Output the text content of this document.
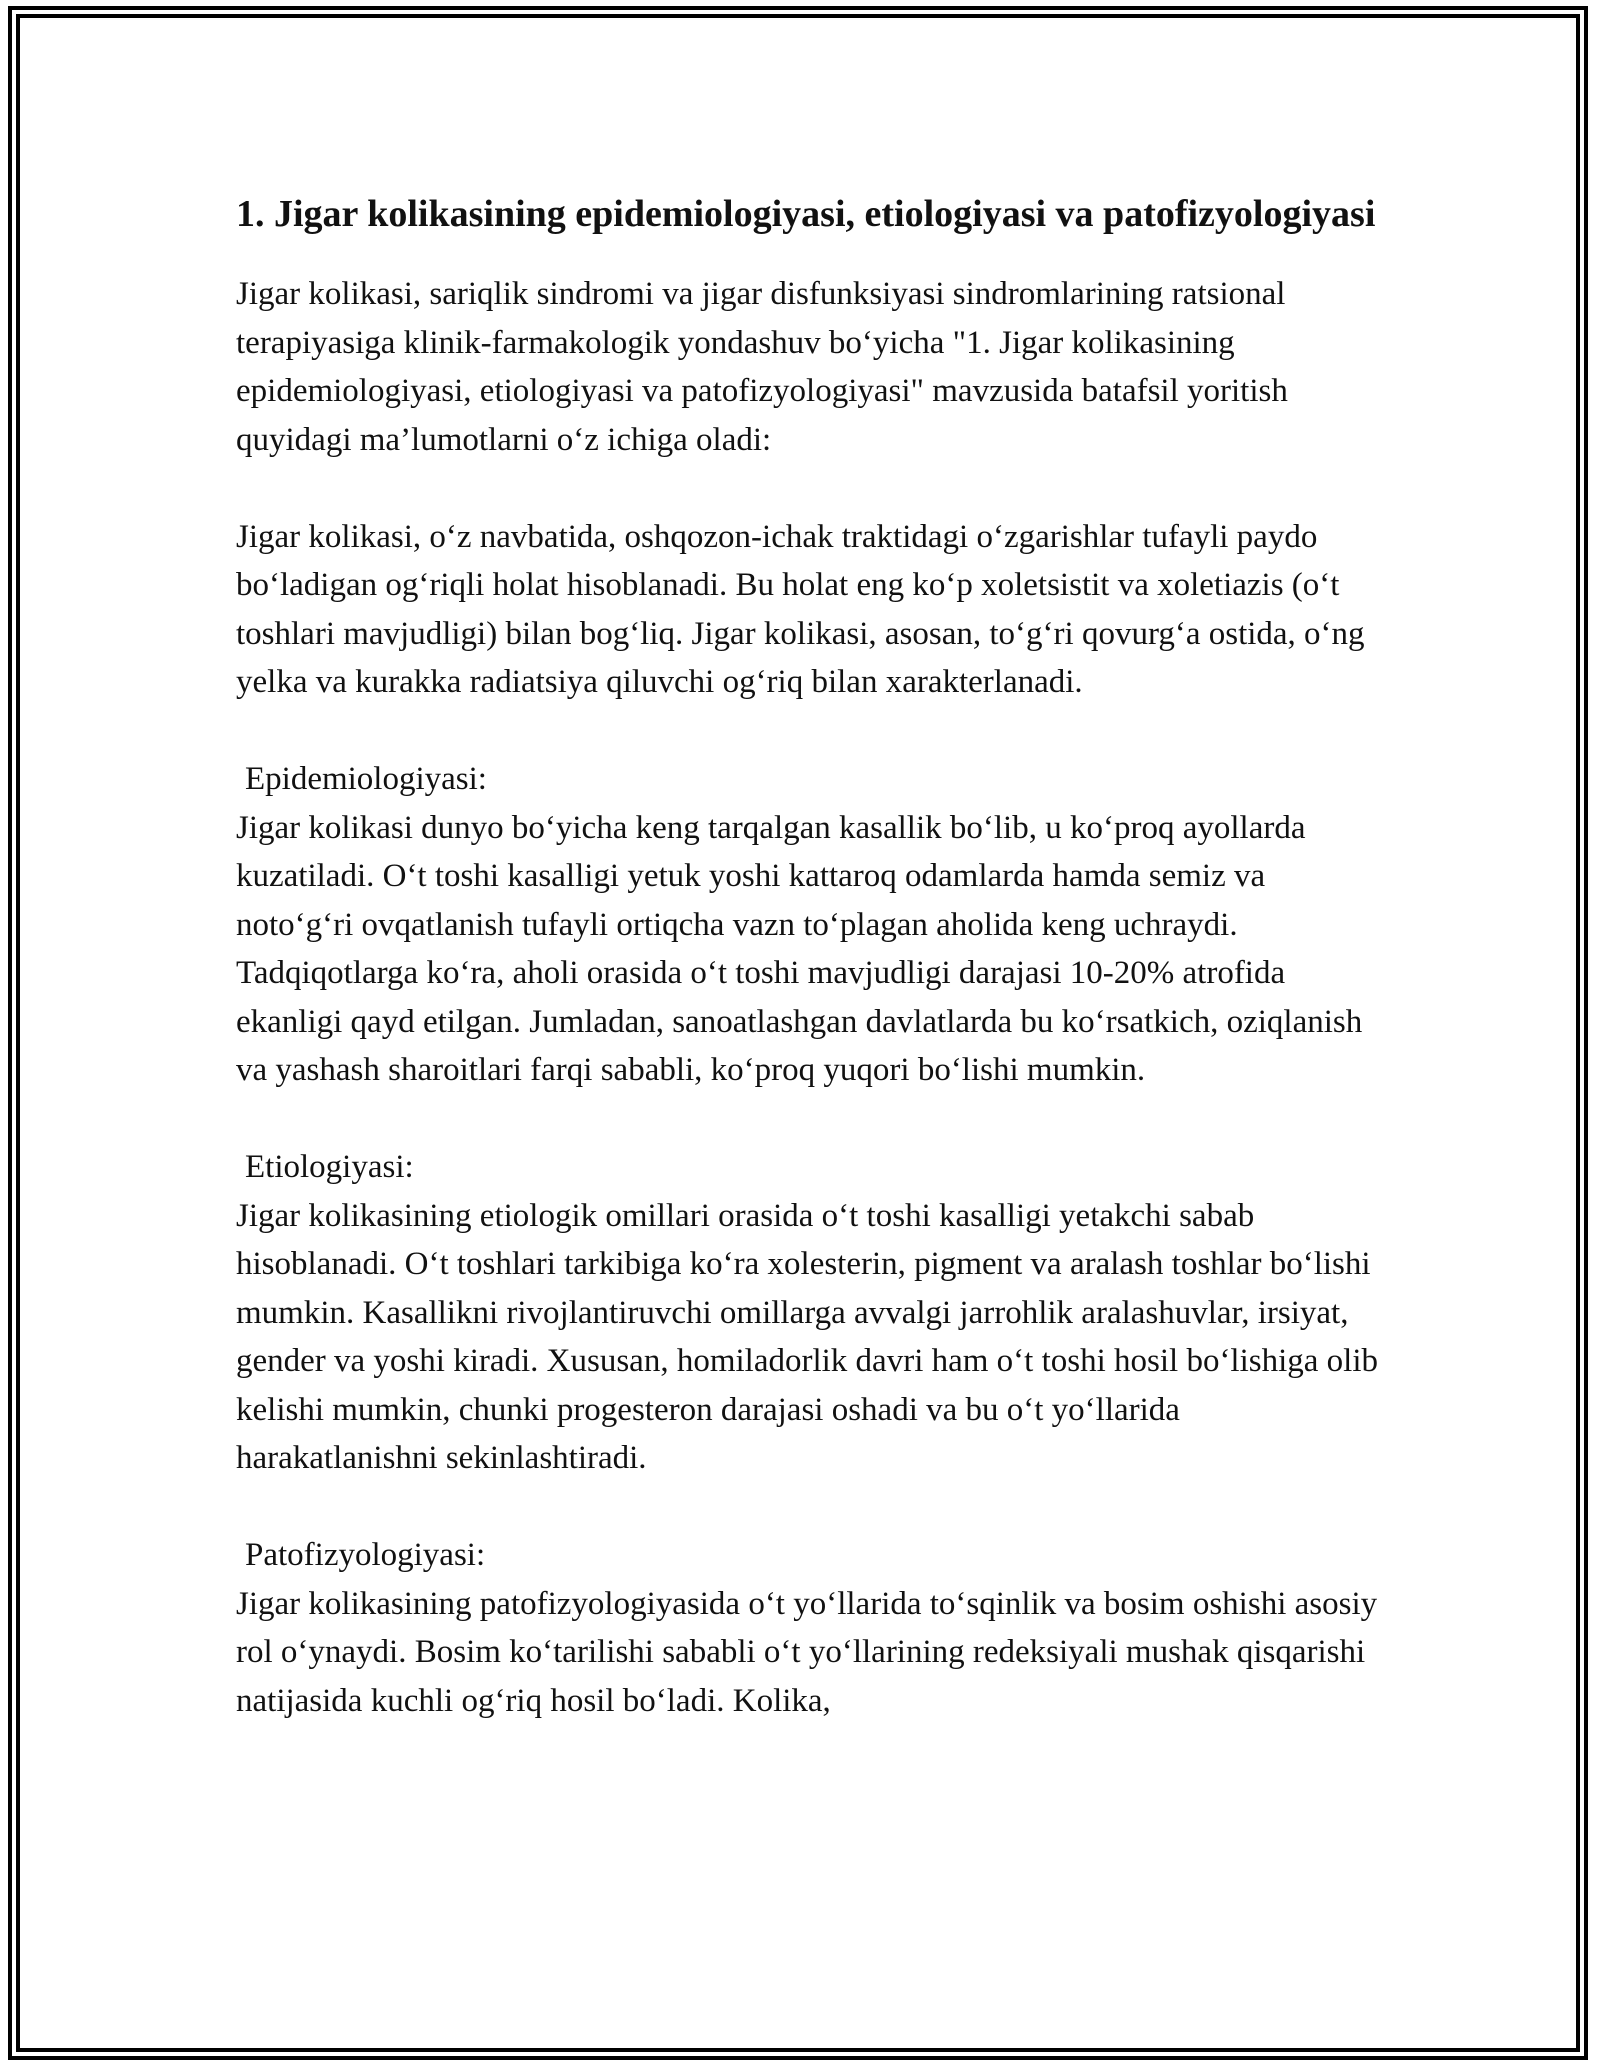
1. Jigar kolikasining epidemiologiyasi, etiologiyasi va patofizyologiyasi

Jigar kolikasi, sariqlik sindromi va jigar disfunksiyasi sindromlarining ratsional terapiyasiga klinik-farmakologik yondashuv bo‘yicha "1. Jigar kolikasining epidemiologiyasi, etiologiyasi va patofizyologiyasi" mavzusida batafsil yoritish quyidagi ma’lumotlarni o‘z ichiga oladi:

Jigar kolikasi, o‘z navbatida, oshqozon-ichak traktidagi o‘zgarishlar tufayli paydo bo‘ladigan og‘riqli holat hisoblanadi. Bu holat eng ko‘p xoletsistit va xoletiazis (o‘t toshlari mavjudligi) bilan bog‘liq. Jigar kolikasi, asosan, to‘g‘ri qovurg‘a ostida, o‘ng yelka va kurakka radiatsiya qiluvchi og‘riq bilan xarakterlanadi.

Epidemiologiyasi:

Jigar kolikasi dunyo bo‘yicha keng tarqalgan kasallik bo‘lib, u ko‘proq ayollarda kuzatiladi. O‘t toshi kasalligi yetuk yoshi kattaroq odamlarda hamda semiz va noto‘g‘ri ovqatlanish tufayli ortiqcha vazn to‘plagan aholida keng uchraydi. Tadqiqotlarga ko‘ra, aholi orasida o‘t toshi mavjudligi darajasi 10-20% atrofida ekanligi qayd etilgan. Jumladan, sanoatlashgan davlatlarda bu ko‘rsatkich, oziqlanish va yashash sharoitlari farqi sababli, ko‘proq yuqori bo‘lishi mumkin.

Etiologiyasi:

Jigar kolikasining etiologik omillari orasida o‘t toshi kasalligi yetakchi sabab hisoblanadi. O‘t toshlari tarkibiga ko‘ra xolesterin, pigment va aralash toshlar bo‘lishi mumkin. Kasallikni rivojlantiruvchi omillarga avvalgi jarrohlik aralashuvlar, irsiyat, gender va yoshi kiradi. Xususan, homiladorlik davri ham o‘t toshi hosil bo‘lishiga olib kelishi mumkin, chunki progesteron darajasi oshadi va bu o‘t yo‘llarida harakatlanishni sekinlashtiradi.

Patofizyologiyasi:

Jigar kolikasining patofizyologiyasida o‘t yo‘llarida to‘sqinlik va bosim oshishi asosiy rol o‘ynaydi. Bosim ko‘tarilishi sababli o‘t yo‘llarining redeksiyali mushak qisqarishi natijasida kuchli og‘riq hosil bo‘ladi. Kolika,
